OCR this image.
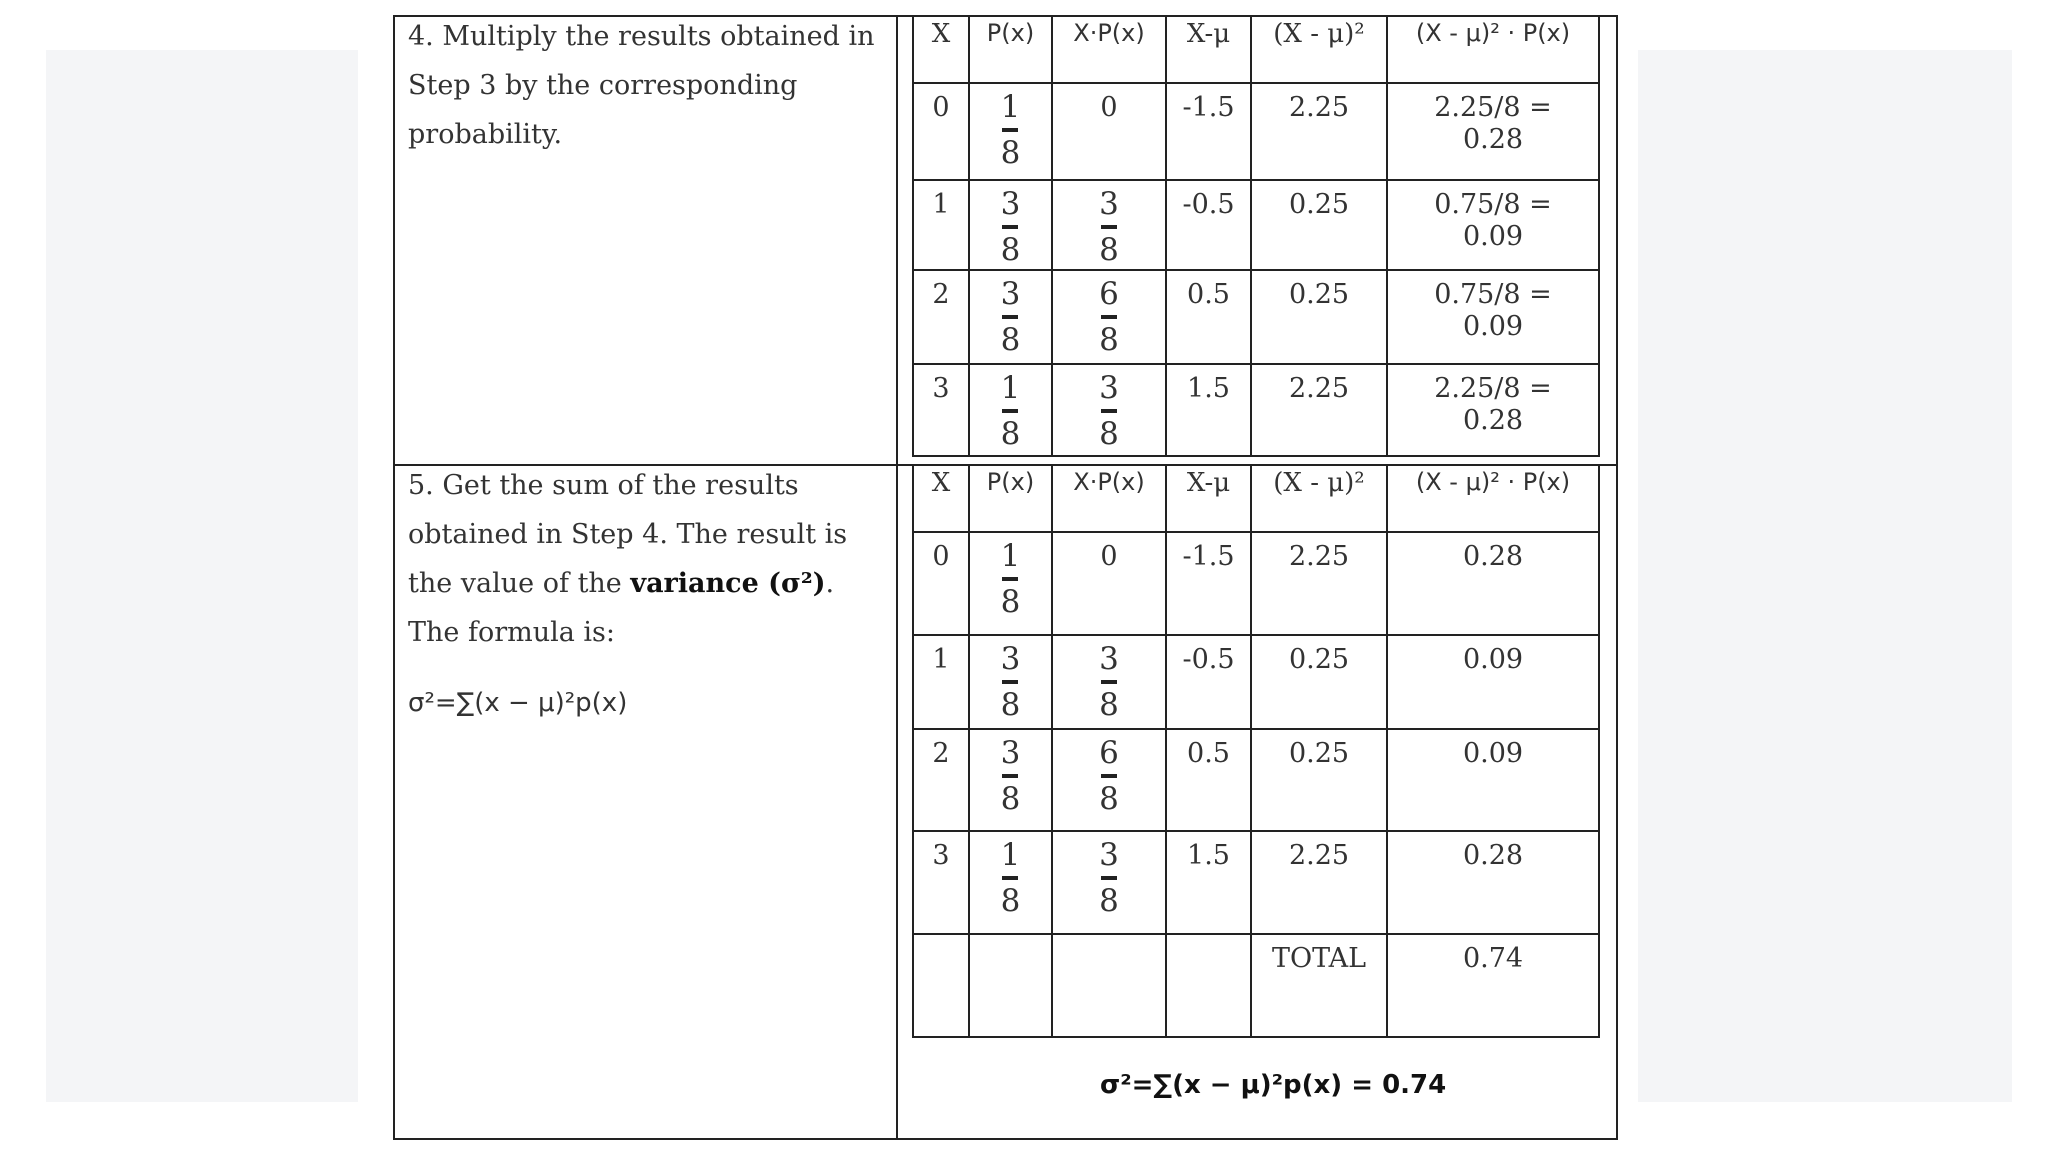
4. Multiply the results obtained in Step 3 by the corresponding probability.
5. Get the sum of the results obtained in Step 4. The result is the value of the variance (σ²). The formula is:
σ²=∑(x − μ)²p(x)
X	P(x)	X·P(x)	X-μ	(X - μ)²	(X - μ)² · P(x)
0	$\frac{1}{8}$	0	-1.5	2.25	2.25/8 = 0.28
1	$\frac{3}{8}$	$\frac{3}{8}$	-0.5	0.25	0.75/8 = 0.09
2	$\frac{3}{8}$	$\frac{6}{8}$	0.5	0.25	0.75/8 = 0.09
3	$\frac{1}{8}$	$\frac{3}{8}$	1.5	2.25	2.25/8 = 0.28
X	P(x)	X·P(x)	X-μ	(X - μ)²	(X - μ)² · P(x)
0	$\frac{1}{8}$	0	-1.5	2.25	0.28
1	$\frac{3}{8}$	$\frac{3}{8}$	-0.5	0.25	0.09
2	$\frac{3}{8}$	$\frac{6}{8}$	0.5	0.25	0.09
3	$\frac{1}{8}$	$\frac{3}{8}$	1.5	2.25	0.28
				TOTAL	0.74
σ²=∑(x − μ)²p(x) = 0.74
